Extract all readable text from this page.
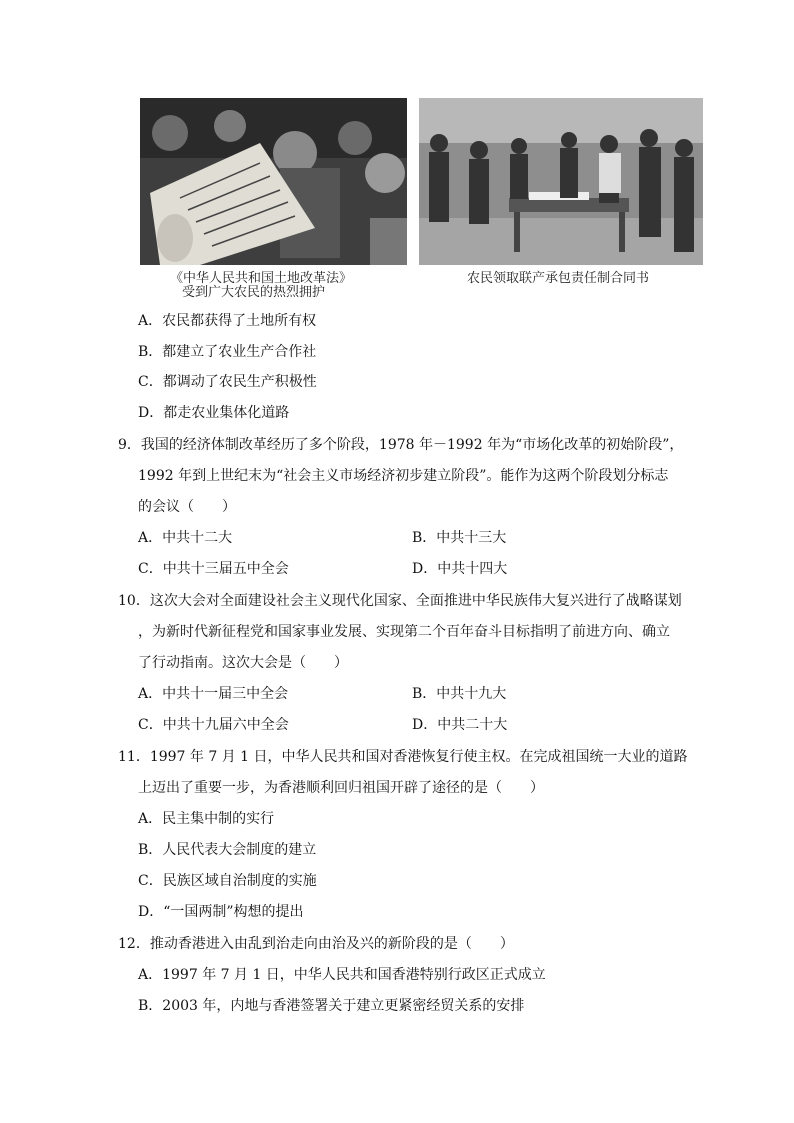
《中华人民共和国土地改革法》
受到广大农民的热烈拥护
农民领取联产承包责任制合同书
A．农民都获得了土地所有权
B．都建立了农业生产合作社
C．都调动了农民生产积极性
D．都走农业集体化道路
9．我国的经济体制改革经历了多个阶段，1978 年－1992 年为“市场化改革的初始阶段”，
1992 年到上世纪末为“社会主义市场经济初步建立阶段”。能作为这两个阶段划分标志
的会议（　　）
A．中共十二大	B．中共十三大
C．中共十三届五中全会	D．中共十四大
10．这次大会对全面建设社会主义现代化国家、全面推进中华民族伟大复兴进行了战略谋划
，为新时代新征程党和国家事业发展、实现第二个百年奋斗目标指明了前进方向、确立
了行动指南。这次大会是（　　）
A．中共十一届三中全会	B．中共十九大
C．中共十九届六中全会	D．中共二十大
11．1997 年 7 月 1 日，中华人民共和国对香港恢复行使主权。在完成祖国统一大业的道路
上迈出了重要一步，为香港顺利回归祖国开辟了途径的是（　　）
A．民主集中制的实行
B．人民代表大会制度的建立
C．民族区域自治制度的实施
D．“一国两制”构想的提出
12．推动香港进入由乱到治走向由治及兴的新阶段的是（　　）
A．1997 年 7 月 1 日，中华人民共和国香港特别行政区正式成立
B．2003 年，内地与香港签署关于建立更紧密经贸关系的安排
